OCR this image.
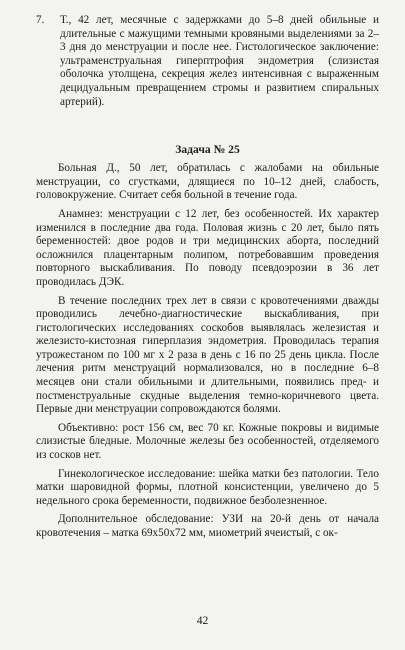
7.	Т., 42 лет, месячные с задержками до 5–8 дней обильные и длительные с мажущими темными кровяными выделениями за 2–3 дня до менструации и после нее. Гистологическое заключение: ультраменструальная гиперптрофия эндометрия (слизистая оболочка утолщена, секреция желез интенсивная с выраженным децидуальным превращением стромы и развитием спиральных артерий).
Задача № 25

Больная Д., 50 лет, обратилась с жалобами на обильные менструации, со сгустками, длящиеся по 10–12 дней, слабость, головокружение. Считает себя больной в течение года.

Анамнез: менструации с 12 лет, без особенностей. Их характер изменился в последние два года. Половая жизнь с 20 лет, было пять беременностей: двое родов и три медицинских аборта, последний осложнился плацентарным полипом, потребовавшим проведения повторного выскабливания. По поводу псевдоэрозии в 36 лет проводилась ДЭК.

В течение последних трех лет в связи с кровотечениями дважды проводились лечебно-диагностические выскабливания, при гистологических исследованиях соскобов выявлялась железистая и железисто-кистозная гиперплазия эндометрия. Проводилась терапия утрожестаном по 100 мг х 2 раза в день с 16 по 25 день цикла. После лечения ритм менструаций нормализовался, но в последние 6–8 месяцев они стали обильными и длительными, появились пред- и постменструальные скудные выделения темно-коричневого цвета. Первые дни менструации сопровождаются болями.

Объективно: рост 156 см, вес 70 кг. Кожные покровы и видимые слизистые бледные. Молочные железы без особенностей, отделяемого из сосков нет.

Гинекологическое исследование: шейка матки без патологии. Тело матки шаровидной формы, плотной консистенции, увеличено до 5 недельного срока беременности, подвижное безболезненное.

Дополнительное обследование: УЗИ на 20-й день от начала кровотечения – матка 69х50х72 мм, миометрий ячеистый, с ок-

42
